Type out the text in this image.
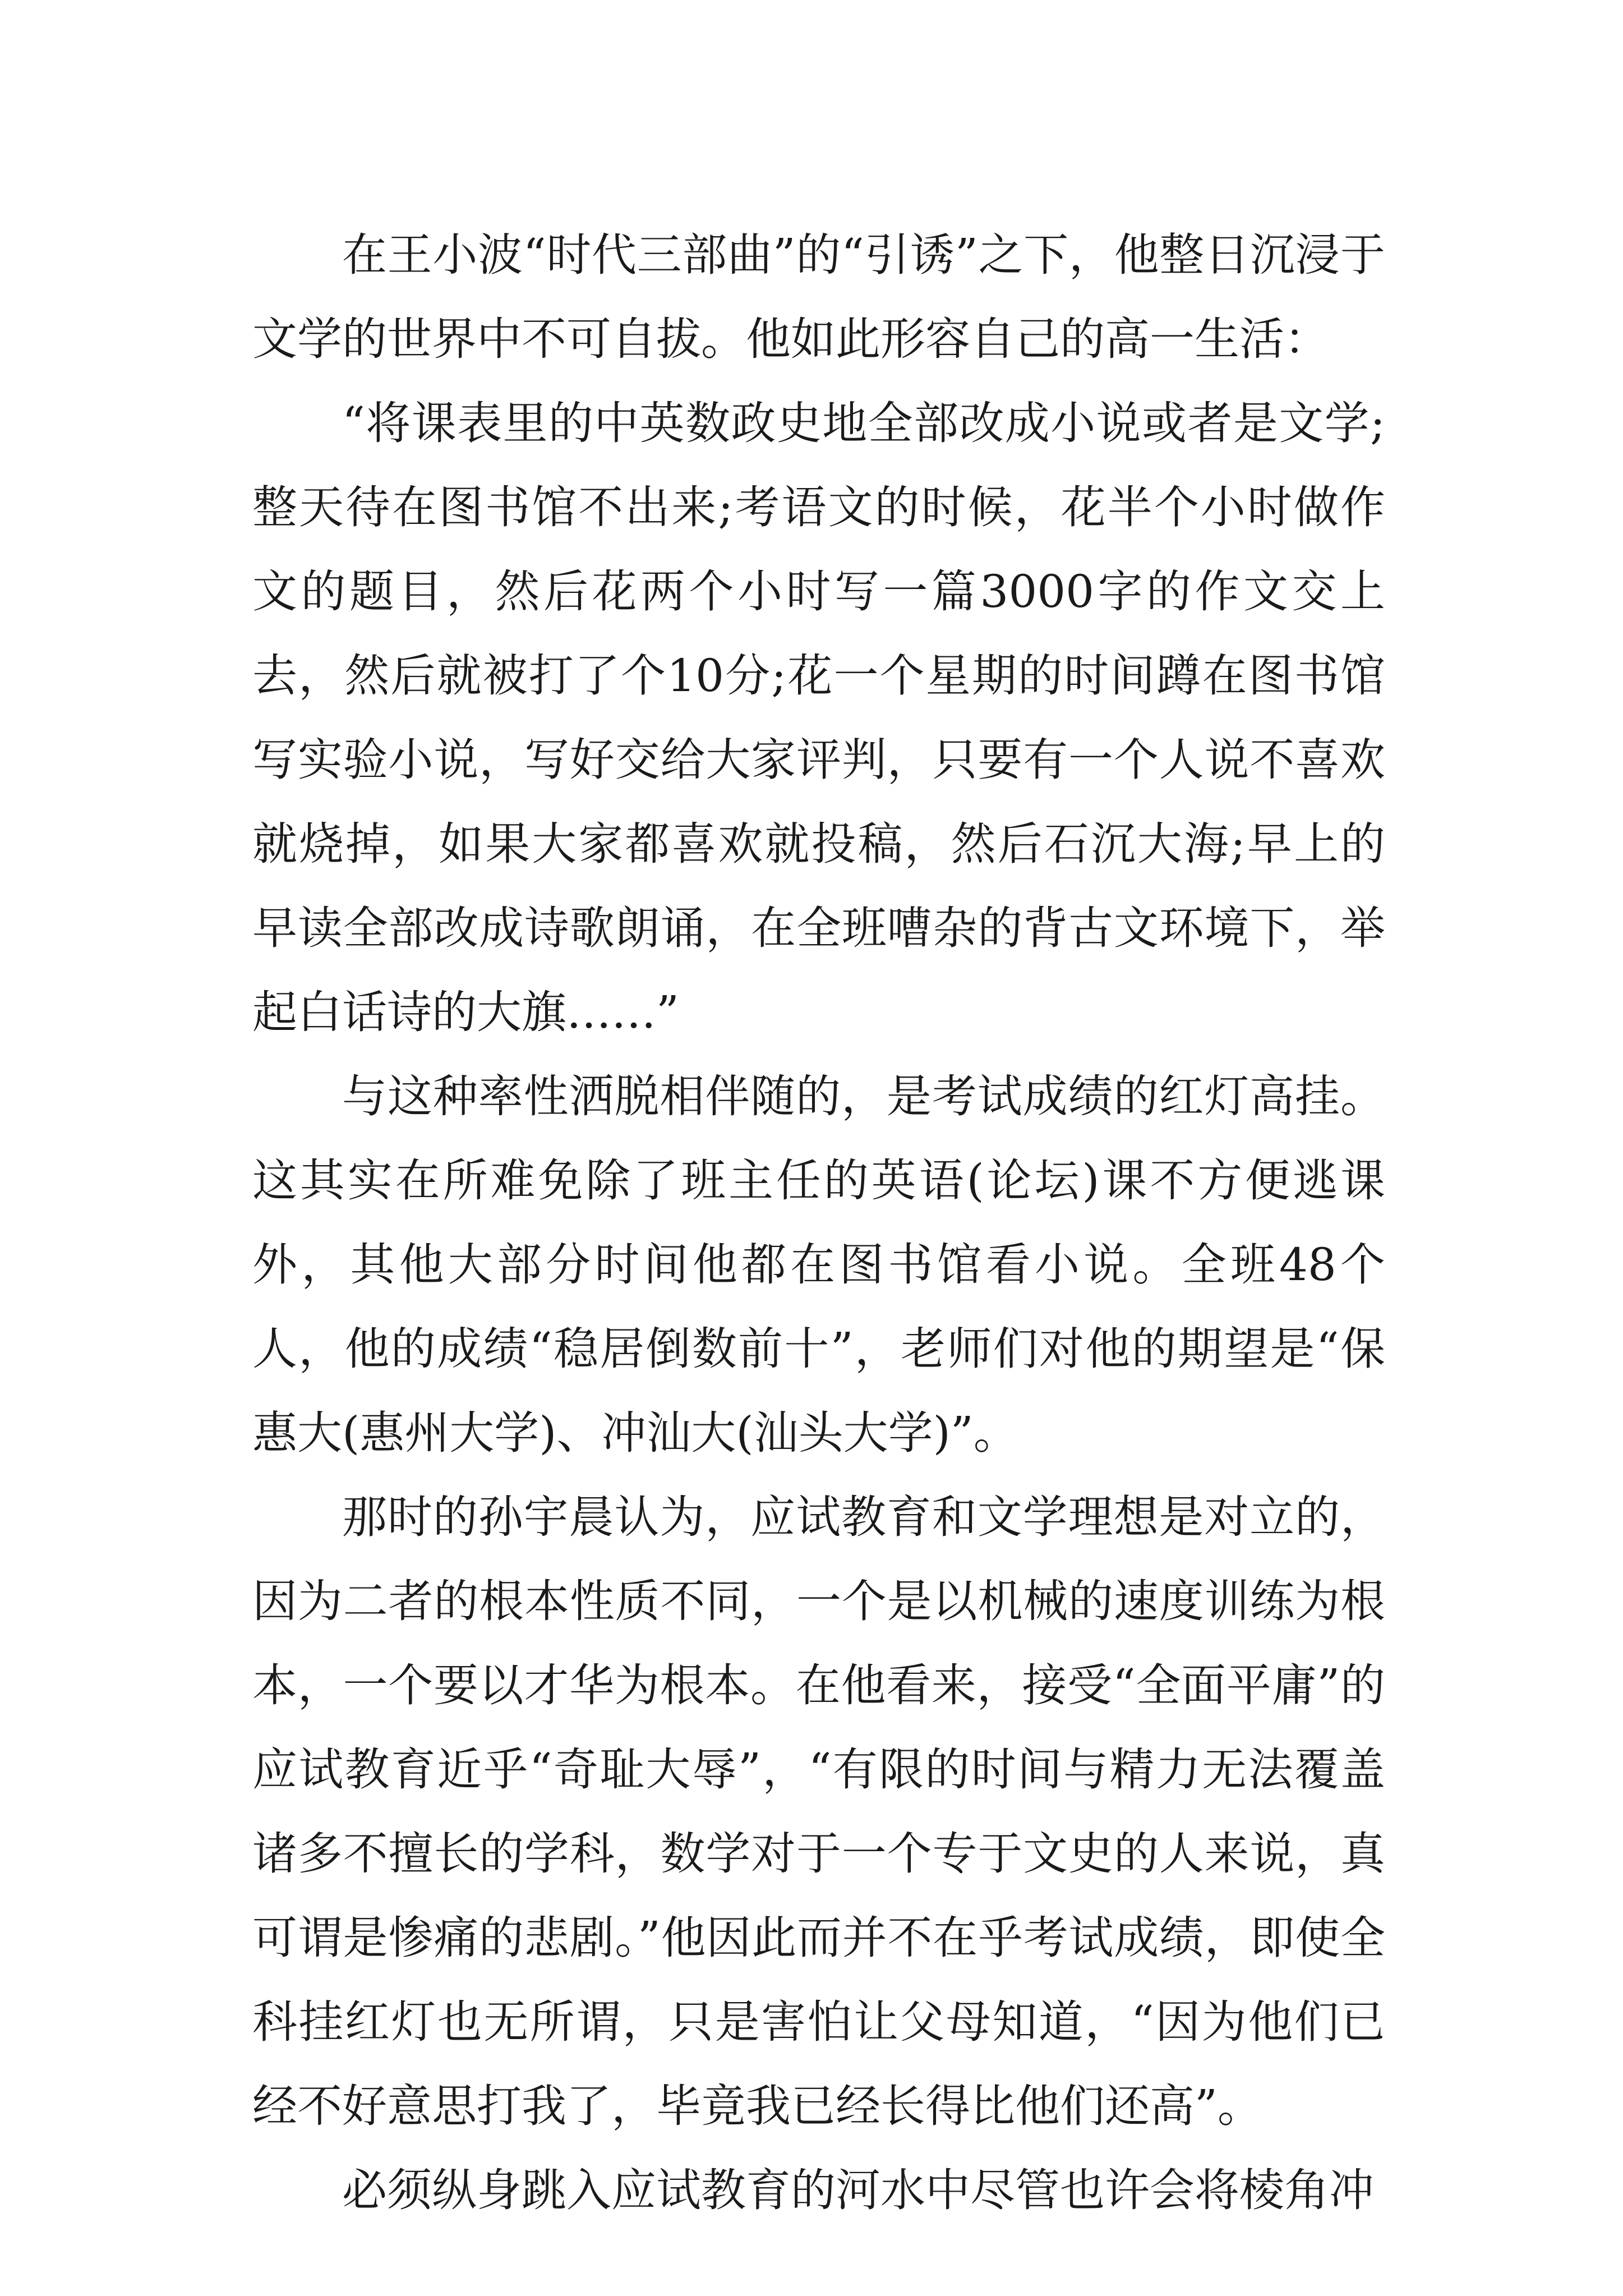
在王小波“时代三部曲”的“引诱”之下，他整日沉浸于文学的世界中不可自拔。他如此形容自己的高一生活：

“将课表里的中英数政史地全部改成小说或者是文学;整天待在图书馆不出来;考语文的时候，花半个小时做作文的题目，然后花两个小时写一篇3000字的作文交上去，然后就被打了个10分;花一个星期的时间蹲在图书馆写实验小说，写好交给大家评判，只要有一个人说不喜欢就烧掉，如果大家都喜欢就投稿，然后石沉大海;早上的早读全部改成诗歌朗诵，在全班嘈杂的背古文环境下，举起白话诗的大旗……”

与这种率性洒脱相伴随的，是考试成绩的红灯高挂。这其实在所难免除了班主任的英语(论坛)课不方便逃课外，其他大部分时间他都在图书馆看小说。全班48个人，他的成绩“稳居倒数前十”，老师们对他的期望是“保惠大(惠州大学)、冲汕大(汕头大学)”。

那时的孙宇晨认为，应试教育和文学理想是对立的，因为二者的根本性质不同，一个是以机械的速度训练为根本，一个要以才华为根本。在他看来，接受“全面平庸”的应试教育近乎“奇耻大辱”，“有限的时间与精力无法覆盖诸多不擅长的学科，数学对于一个专于文史的人来说，真可谓是惨痛的悲剧。”他因此而并不在乎考试成绩，即使全科挂红灯也无所谓，只是害怕让父母知道，“因为他们已经不好意思打我了，毕竟我已经长得比他们还高”。

必须纵身跳入应试教育的河水中尽管也许会将棱角冲
